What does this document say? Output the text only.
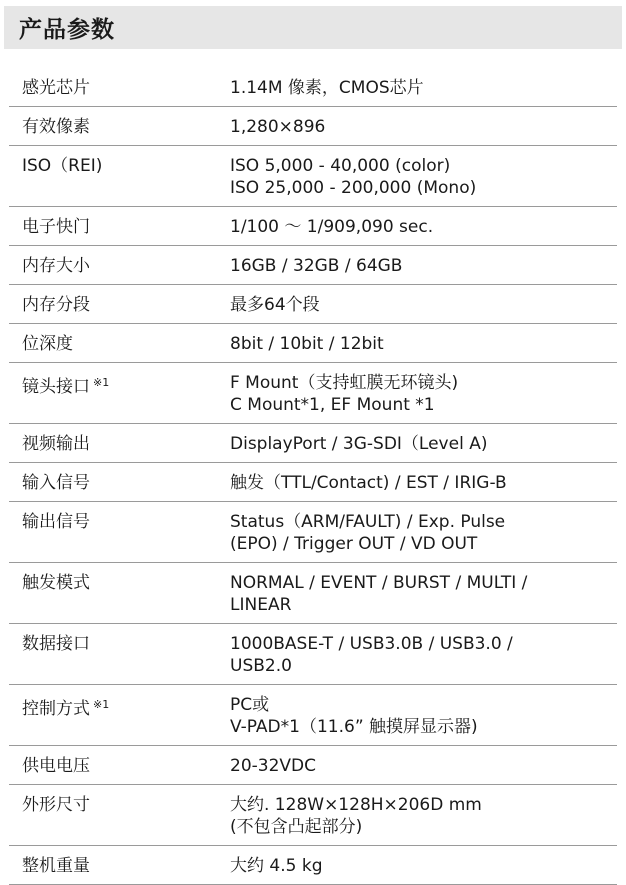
产品参数
感光芯片	1.14M 像素，CMOS芯片
有效像素	1,280×896
ISO（REI)	ISO 5,000 - 40,000 (color)
ISO 25,000 - 200,000 (Mono)
电子快门	1/100 ～ 1/909,090 sec.
内存大小	16GB / 32GB / 64GB
内存分段	最多64个段
位深度	8bit / 10bit / 12bit
镜头接口 $^{※1}$	F Mount（支持虹膜无环镜头)
C Mount*1, EF Mount *1
视频输出	DisplayPort / 3G-SDI（Level A)
输入信号	触发（TTL/Contact) / EST / IRIG-B
输出信号	Status（ARM/FAULT) / Exp. Pulse
(EPO) / Trigger OUT / VD OUT
触发模式	NORMAL / EVENT / BURST / MULTI /
LINEAR
数据接口	1000BASE-T / USB3.0B / USB3.0 /
USB2.0
控制方式 $^{※1}$	PC或
V-PAD*1（11.6” 触摸屏显示器)
供电电压	20-32VDC
外形尺寸	大约. 128W×128H×206D mm
(不包含凸起部分)
整机重量	大约 4.5 kg
